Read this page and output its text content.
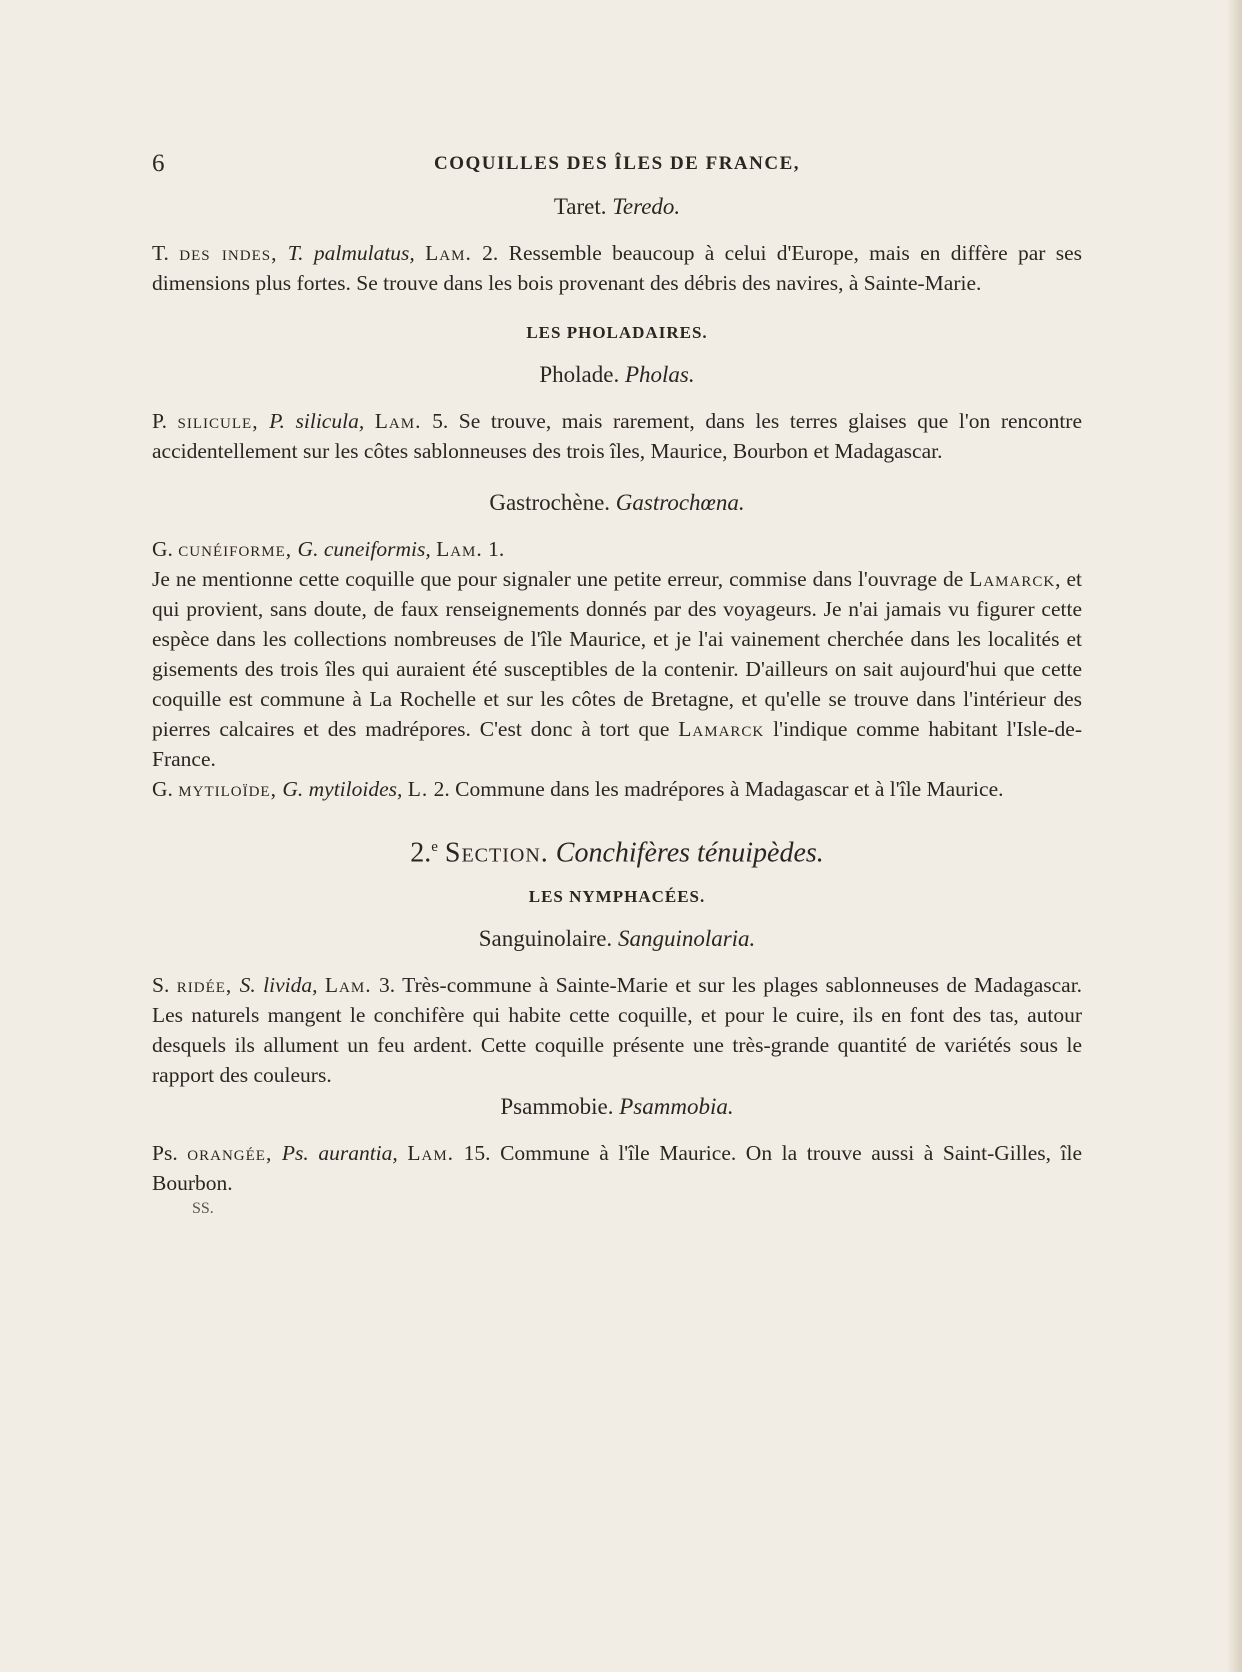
6	COQUILLES DES ÎLES DE FRANCE,
Taret. Teredo.

T. des indes, T. palmulatus, Lam. 2. Ressemble beaucoup à celui d'Europe, mais en diffère par ses dimensions plus fortes. Se trouve dans les bois provenant des débris des navires, à Sainte-Marie.

LES PHOLADAIRES.
Pholade. Pholas.

P. silicule, P. silicula, Lam. 5. Se trouve, mais rarement, dans les terres glaises que l'on rencontre accidentellement sur les côtes sablonneuses des trois îles, Maurice, Bourbon et Madagascar.

Gastrochène. Gastrochœna.

G. cunéiforme, G. cuneiformis, Lam. 1.

Je ne mentionne cette coquille que pour signaler une petite erreur, commise dans l'ouvrage de Lamarck, et qui provient, sans doute, de faux renseignements donnés par des voyageurs. Je n'ai jamais vu figurer cette espèce dans les collections nombreuses de l'île Maurice, et je l'ai vainement cherchée dans les localités et gisements des trois îles qui auraient été susceptibles de la contenir. D'ailleurs on sait aujourd'hui que cette coquille est commune à La Rochelle et sur les côtes de Bretagne, et qu'elle se trouve dans l'intérieur des pierres calcaires et des madrépores. C'est donc à tort que Lamarck l'indique comme habitant l'Isle-de-France.

G. mytiloïde, G. mytiloides, L. 2. Commune dans les madrépores à Madagascar et à l'île Maurice.

2.$^e$ Section. Conchifères ténuipèdes.
LES NYMPHACÉES.
Sanguinolaire. Sanguinolaria.

S. ridée, S. livida, Lam. 3. Très-commune à Sainte-Marie et sur les plages sablonneuses de Madagascar. Les naturels mangent le conchifère qui habite cette coquille, et pour le cuire, ils en font des tas, autour desquels ils allument un feu ardent. Cette coquille présente une très-grande quantité de variétés sous le rapport des couleurs.

Psammobie. Psammobia.

Ps. orangée, Ps. aurantia, Lam. 15. Commune à l'île Maurice. On la trouve aussi à Saint-Gilles, île Bourbon.

SS.
